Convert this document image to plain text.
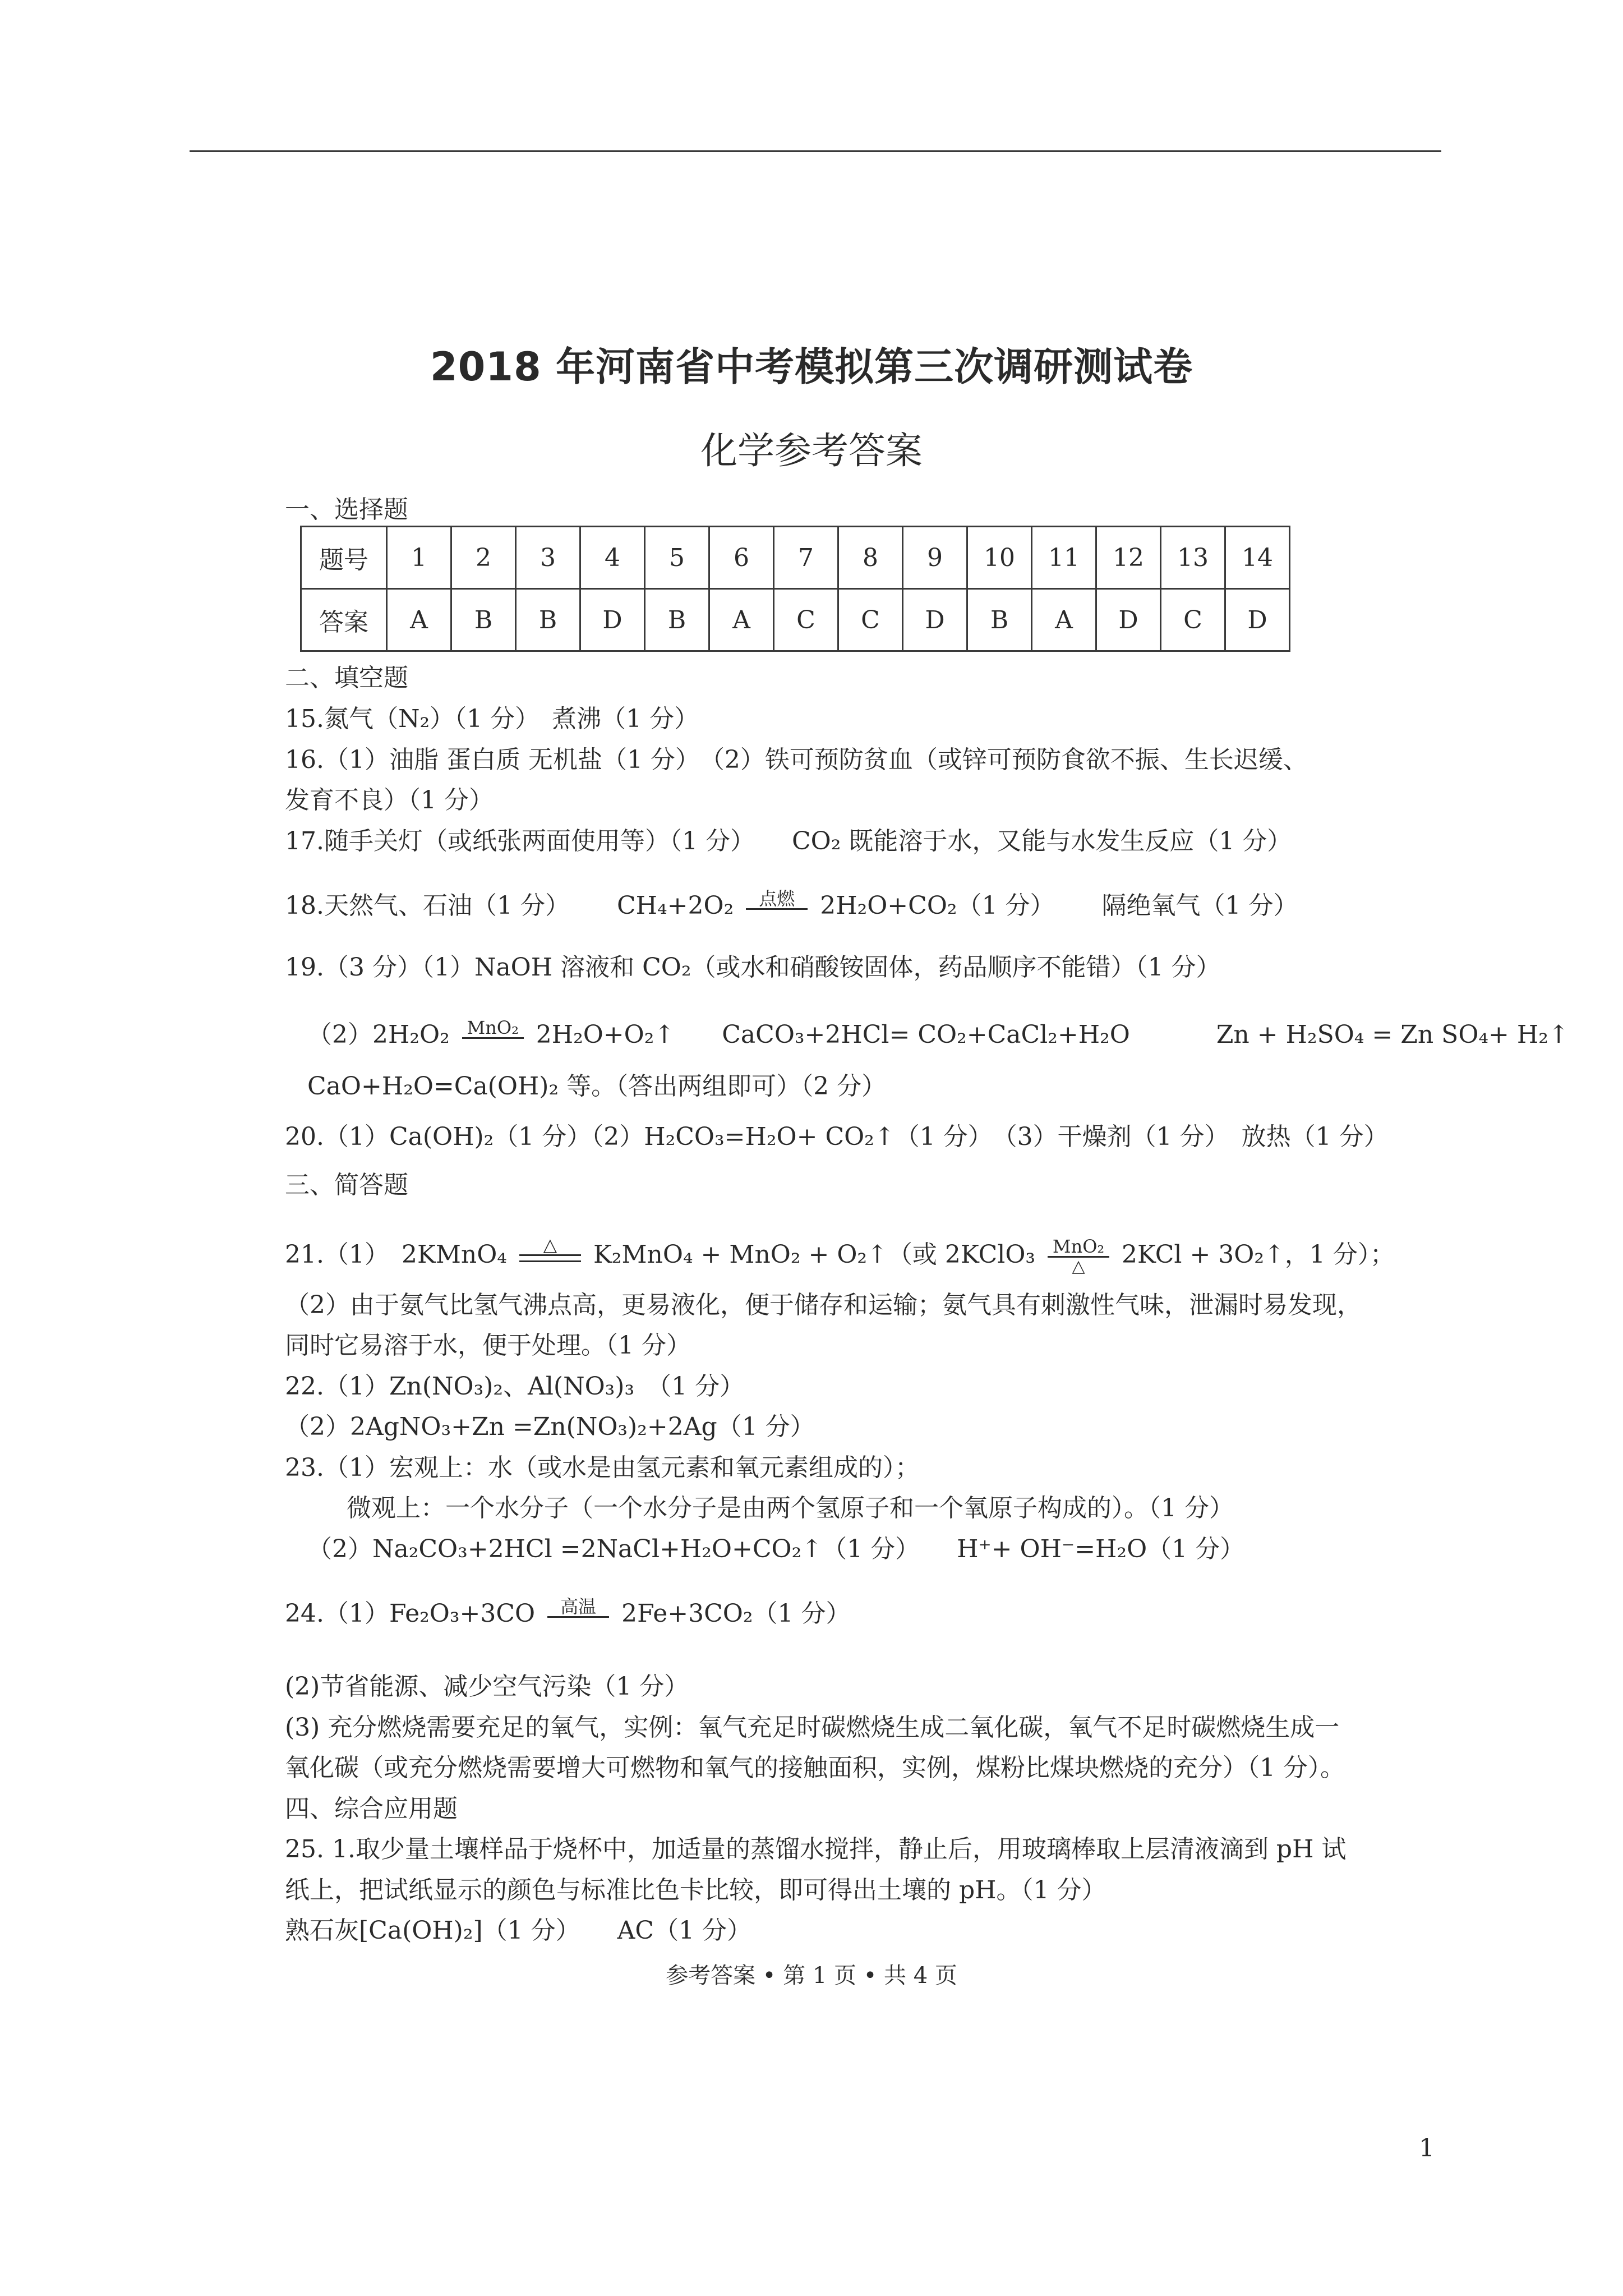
2018 年河南省中考模拟第三次调研测试卷
化学参考答案
一、选择题
题号	1	2	3	4	5	6	7	8	9	10	11	12	13	14
答案	A	B	B	D	B	A	C	C	D	B	A	D	C	D
二、填空题
15.氮气（N₂）（1 分）　煮沸（1 分）
16.（1）油脂 蛋白质 无机盐（1 分）　（2）铁可预防贫血（或锌可预防食欲不振、生长迟缓、
发育不良）（1 分）
17.随手关灯（或纸张两面使用等）（1 分）　　CO₂ 既能溶于水，又能与水发生反应（1 分）
18.天然气、石油（1 分） CH₄+2O₂ 点燃 2H₂O+CO₂（1 分） 隔绝氧气（1 分）
19.（3 分）（1）NaOH 溶液和 CO₂（或水和硝酸铵固体，药品顺序不能错）（1 分）
（2）2H₂O₂ MnO₂ 2H₂O+O₂↑ CaCO₃+2HCl= CO₂+CaCl₂+H₂O	Zn + H₂SO₄ = Zn SO₄+ H₂↑
CaO+H₂O=Ca(OH)₂ 等。（答出两组即可）（2 分）
20.（1）Ca(OH)₂（1 分）（2）H₂CO₃=H₂O+ CO₂↑（1 分）　（3）干燥剂（1 分）　放热（1 分）
三、简答题
21.（1）　2KMnO₄ △ K₂MnO₄ + MnO₂ + O₂↑（或 2KClO₃ MnO₂
△ 2KCl + 3O₂↑，1 分）；
（2）由于氨气比氢气沸点高，更易液化，便于储存和运输；氨气具有刺激性气味，泄漏时易发现，
同时它易溶于水，便于处理。（1 分）
22.（1）Zn(NO₃)₂、Al(NO₃)₃　（1 分）
（2）2AgNO₃+Zn =Zn(NO₃)₂+2Ag（1 分）
23.（1）宏观上：水（或水是由氢元素和氧元素组成的）；
微观上：一个水分子（一个水分子是由两个氢原子和一个氧原子构成的）。（1 分）
（2）Na₂CO₃+2HCl =2NaCl+H₂O+CO₂↑（1 分）　　H⁺+ OH⁻=H₂O（1 分）
24.（1）Fe₂O₃+3CO 高温 2Fe+3CO₂（1 分）
(2)节省能源、减少空气污染（1 分）
(3) 充分燃烧需要充足的氧气，实例：氧气充足时碳燃烧生成二氧化碳，氧气不足时碳燃烧生成一
氧化碳（或充分燃烧需要增大可燃物和氧气的接触面积，实例，煤粉比煤块燃烧的充分）（1 分）。
四、综合应用题
25. 1.取少量土壤样品于烧杯中，加适量的蒸馏水搅拌，静止后，用玻璃棒取上层清液滴到 pH 试
纸上，把试纸显示的颜色与标准比色卡比较，即可得出土壤的 pH。（1 分）
熟石灰[Ca(OH)₂]（1 分）　　AC（1 分）
参考答案 • 第 1 页 • 共 4 页
1
